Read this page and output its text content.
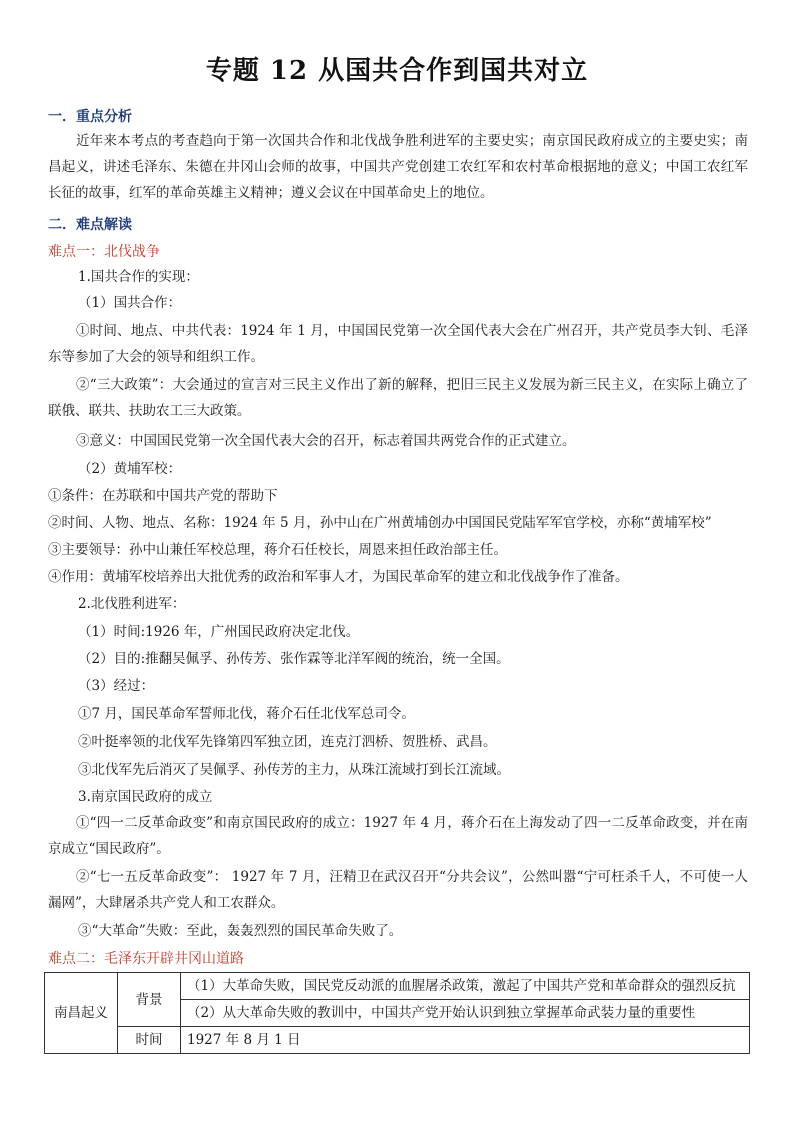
专题 12 从国共合作到国共对立
一．重点分析
近年来本考点的考查趋向于第一次国共合作和北伐战争胜利进军的主要史实；南京国民政府成立的主要史实；南昌起义，讲述毛泽东、朱德在井冈山会师的故事，中国共产党创建工农红军和农村革命根据地的意义；中国工农红军长征的故事，红军的革命英雄主义精神；遵义会议在中国革命史上的地位。
二．难点解读
难点一：北伐战争
1.国共合作的实现：
（1）国共合作：
①时间、地点、中共代表：1924 年 1 月，中国国民党第一次全国代表大会在广州召开，共产党员李大钊、毛泽东等参加了大会的领导和组织工作。
②“三大政策”：大会通过的宣言对三民主义作出了新的解释，把旧三民主义发展为新三民主义，在实际上确立了联俄、联共、扶助农工三大政策。
③意义：中国国民党第一次全国代表大会的召开，标志着国共两党合作的正式建立。
（2）黄埔军校：
①条件：在苏联和中国共产党的帮助下
②时间、人物、地点、名称：1924 年 5 月，孙中山在广州黄埔创办中国国民党陆军军官学校，亦称“黄埔军校”
③主要领导：孙中山兼任军校总理，蒋介石任校长，周恩来担任政治部主任。
④作用：黄埔军校培养出大批优秀的政治和军事人才，为国民革命军的建立和北伐战争作了准备。
2.北伐胜利进军：
（1）时间:1926 年，广州国民政府决定北伐。
（2）目的:推翻吴佩孚、孙传芳、张作霖等北洋军阀的统治，统一全国。
（3）经过：
①7 月，国民革命军誓师北伐，蒋介石任北伐军总司令。
②叶挺率领的北伐军先锋第四军独立团，连克汀泗桥、贺胜桥、武昌。
③北伐军先后消灭了吴佩孚、孙传芳的主力，从珠江流域打到长江流域。
3.南京国民政府的成立
①“四一二反革命政变”和南京国民政府的成立：1927 年 4 月，蒋介石在上海发动了四一二反革命政变，并在南京成立“国民政府”。
②“七一五反革命政变”： 1927 年 7 月，汪精卫在武汉召开“分共会议”，公然叫嚣“宁可枉杀千人，不可使一人漏网”，大肆屠杀共产党人和工农群众。
③“大革命”失败：至此，轰轰烈烈的国民革命失败了。
难点二：毛泽东开辟井冈山道路
南昌起义	背景	（1）大革命失败，国民党反动派的血腥屠杀政策，激起了中国共产党和革命群众的强烈反抗
		（2）从大革命失败的教训中，中国共产党开始认识到独立掌握革命武装力量的重要性
	时间	1927 年 8 月 1 日
